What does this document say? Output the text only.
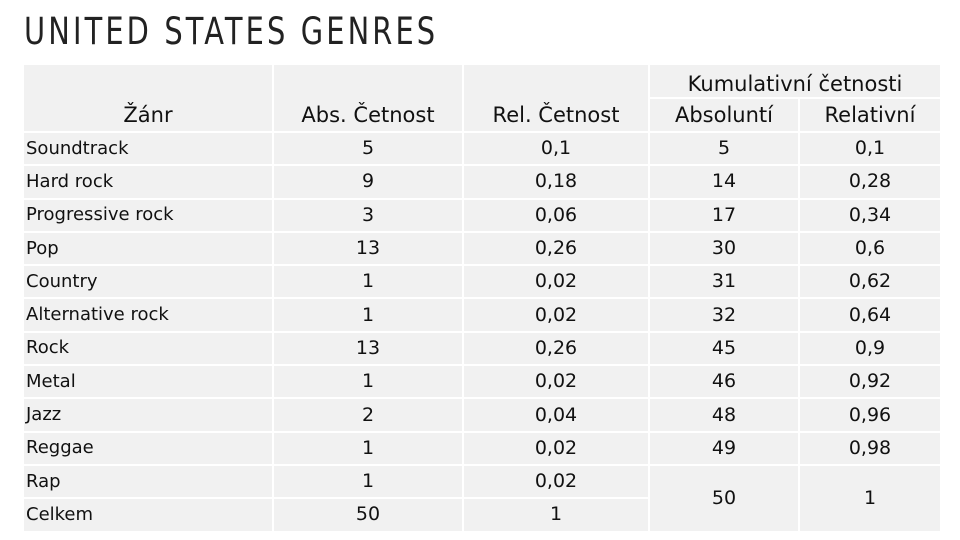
UNITED STATES GENRES
Žánr	Abs. Četnost	Rel. Četnost	Kumulativní četnosti	
			Absoluntí	Relativní
Soundtrack	5	0,1	5	0,1
Hard rock	9	0,18	14	0,28
Progressive rock	3	0,06	17	0,34
Pop	13	0,26	30	0,6
Country	1	0,02	31	0,62
Alternative rock	1	0,02	32	0,64
Rock	13	0,26	45	0,9
Metal	1	0,02	46	0,92
Jazz	2	0,04	48	0,96
Reggae	1	0,02	49	0,98
Rap	1	0,02	50	1
Celkem	50	1		
